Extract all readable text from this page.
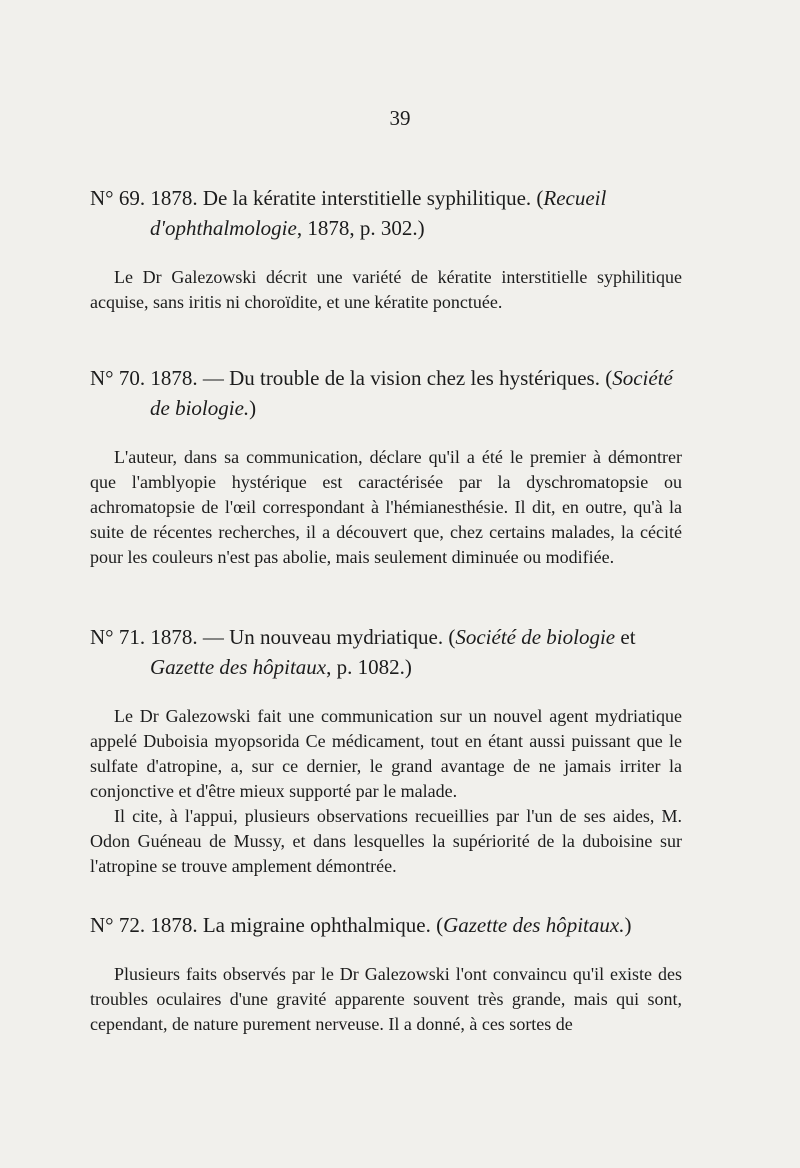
39

N° 69. 1878. De la kératite interstitielle syphilitique. (Recueil d'ophthalmologie, 1878, p. 302.)

Le Dr Galezowski décrit une variété de kératite interstitielle syphilitique acquise, sans iritis ni choroïdite, et une kératite ponctuée.

N° 70. 1878. — Du trouble de la vision chez les hystériques. (Société de biologie.)

L'auteur, dans sa communication, déclare qu'il a été le premier à démontrer que l'amblyopie hystérique est caractérisée par la dyschromatopsie ou achromatopsie de l'œil correspondant à l'hémianesthésie. Il dit, en outre, qu'à la suite de récentes recherches, il a découvert que, chez certains malades, la cécité pour les couleurs n'est pas abolie, mais seulement diminuée ou modifiée.

N° 71. 1878. — Un nouveau mydriatique. (Société de biologie et Gazette des hôpitaux, p. 1082.)

Le Dr Galezowski fait une communication sur un nouvel agent mydriatique appelé Duboisia myopsorida Ce médicament, tout en étant aussi puissant que le sulfate d'atropine, a, sur ce dernier, le grand avantage de ne jamais irriter la conjonctive et d'être mieux supporté par le malade.

Il cite, à l'appui, plusieurs observations recueillies par l'un de ses aides, M. Odon Guéneau de Mussy, et dans lesquelles la supériorité de la duboisine sur l'atropine se trouve amplement démontrée.

N° 72. 1878. La migraine ophthalmique. (Gazette des hôpitaux.)

Plusieurs faits observés par le Dr Galezowski l'ont convaincu qu'il existe des troubles oculaires d'une gravité apparente souvent très grande, mais qui sont, cependant, de nature purement nerveuse. Il a donné, à ces sortes de
